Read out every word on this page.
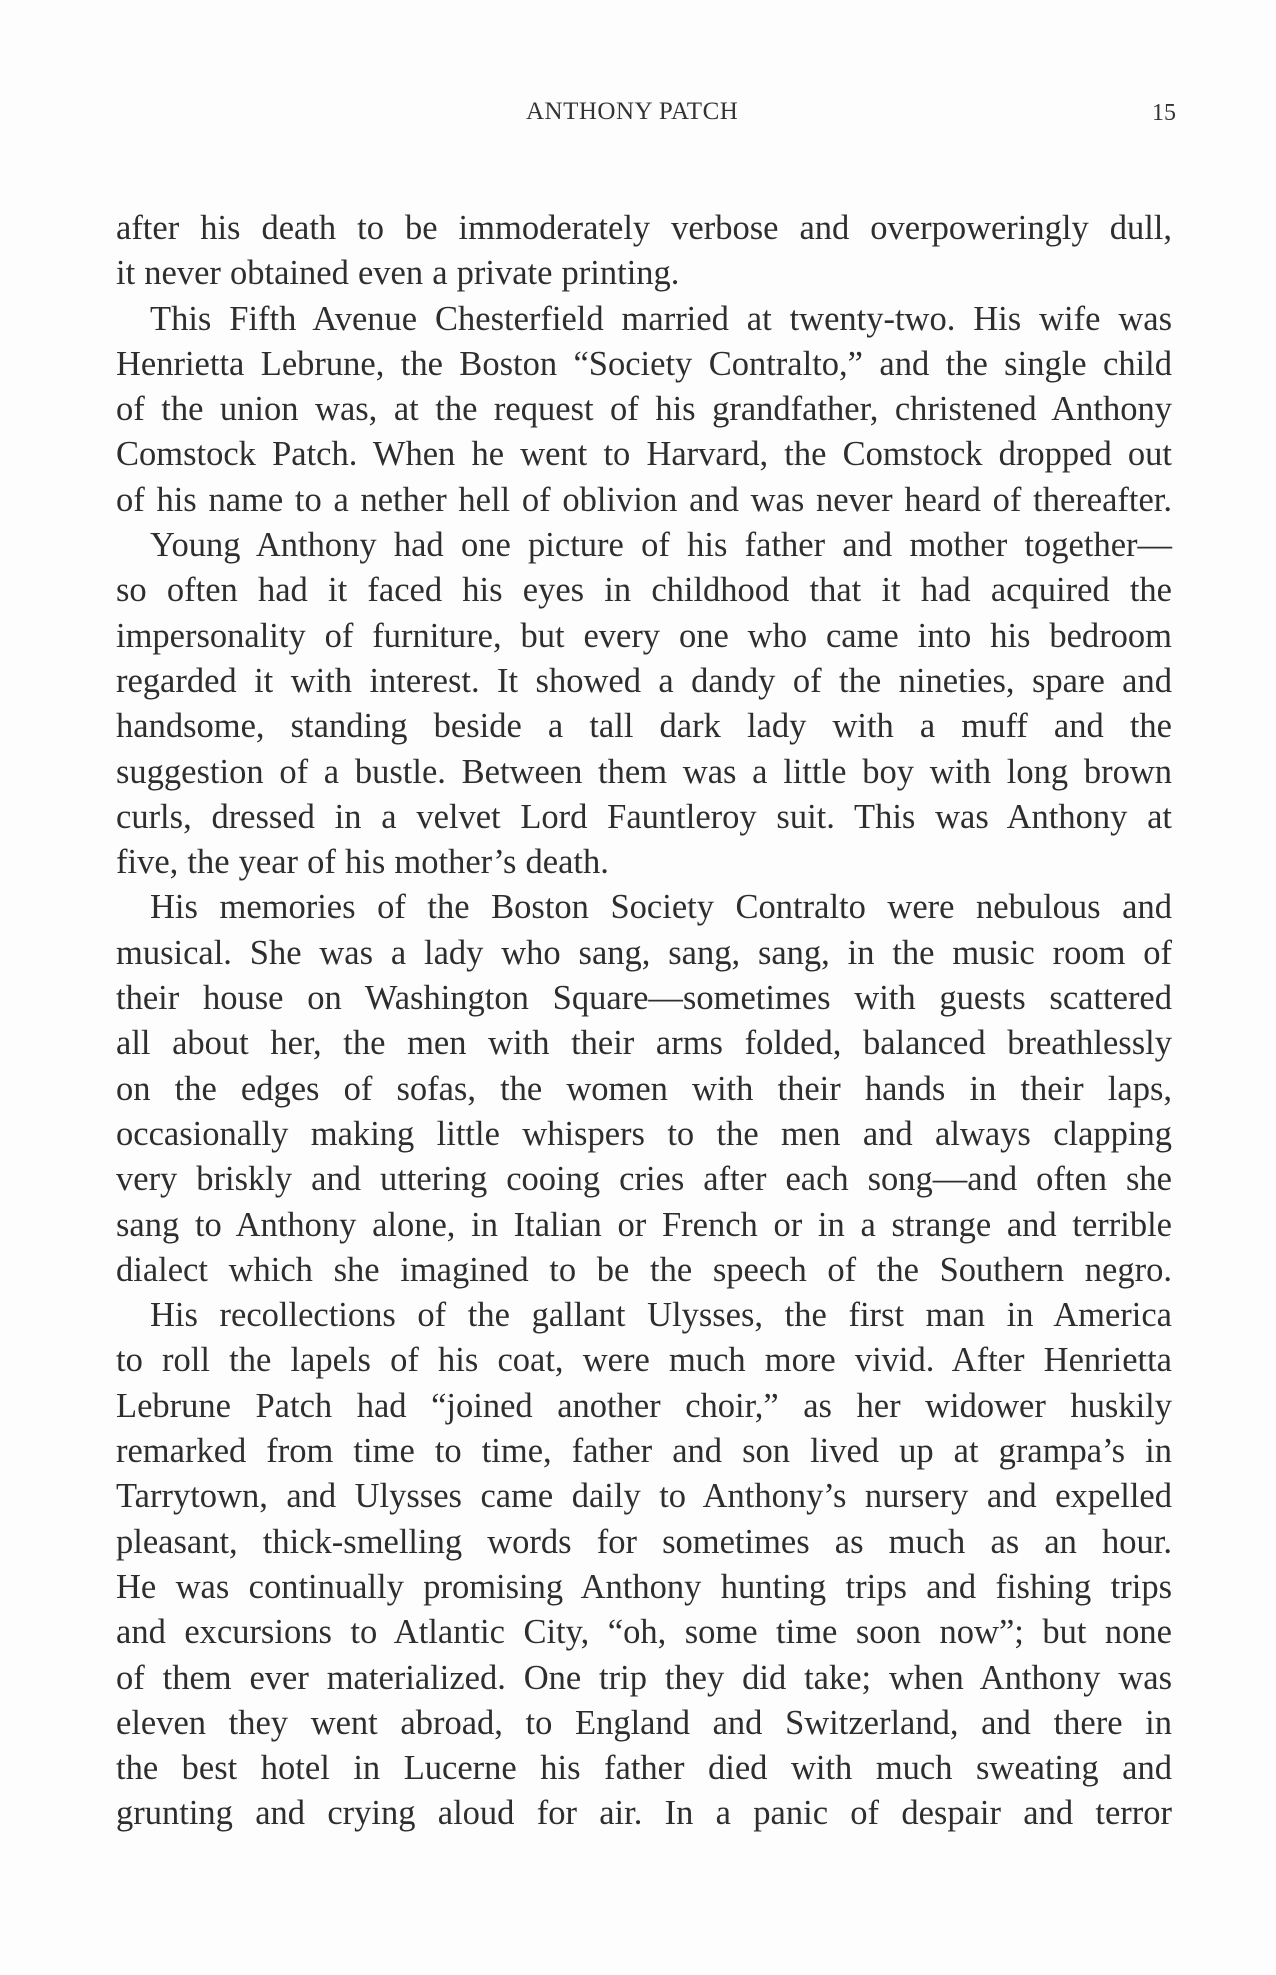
ANTHONY PATCH	15

after his death to be immoderately verbose and overpoweringly dull,

it never obtained even a private printing.

This Fifth Avenue Chesterfield married at twenty-two. His wife was

Henrietta Lebrune, the Boston “Society Contralto,” and the single child

of the union was, at the request of his grandfather, christened Anthony

Comstock Patch. When he went to Harvard, the Comstock dropped out

of his name to a nether hell of oblivion and was never heard of thereafter.

Young Anthony had one picture of his father and mother together—

so often had it faced his eyes in childhood that it had acquired the

impersonality of furniture, but every one who came into his bedroom

regarded it with interest. It showed a dandy of the nineties, spare and

handsome, standing beside a tall dark lady with a muff and the

suggestion of a bustle. Between them was a little boy with long brown

curls, dressed in a velvet Lord Fauntleroy suit. This was Anthony at

five, the year of his mother’s death.

His memories of the Boston Society Contralto were nebulous and

musical. She was a lady who sang, sang, sang, in the music room of

their house on Washington Square—sometimes with guests scattered

all about her, the men with their arms folded, balanced breathlessly

on the edges of sofas, the women with their hands in their laps,

occasionally making little whispers to the men and always clapping

very briskly and uttering cooing cries after each song—and often she

sang to Anthony alone, in Italian or French or in a strange and terrible

dialect which she imagined to be the speech of the Southern negro.

His recollections of the gallant Ulysses, the first man in America

to roll the lapels of his coat, were much more vivid. After Henrietta

Lebrune Patch had “joined another choir,” as her widower huskily

remarked from time to time, father and son lived up at grampa’s in

Tarrytown, and Ulysses came daily to Anthony’s nursery and expelled

pleasant, thick-smelling words for sometimes as much as an hour.

He was continually promising Anthony hunting trips and fishing trips

and excursions to Atlantic City, “oh, some time soon now”; but none

of them ever materialized. One trip they did take; when Anthony was

eleven they went abroad, to England and Switzerland, and there in

the best hotel in Lucerne his father died with much sweating and

grunting and crying aloud for air. In a panic of despair and terror
